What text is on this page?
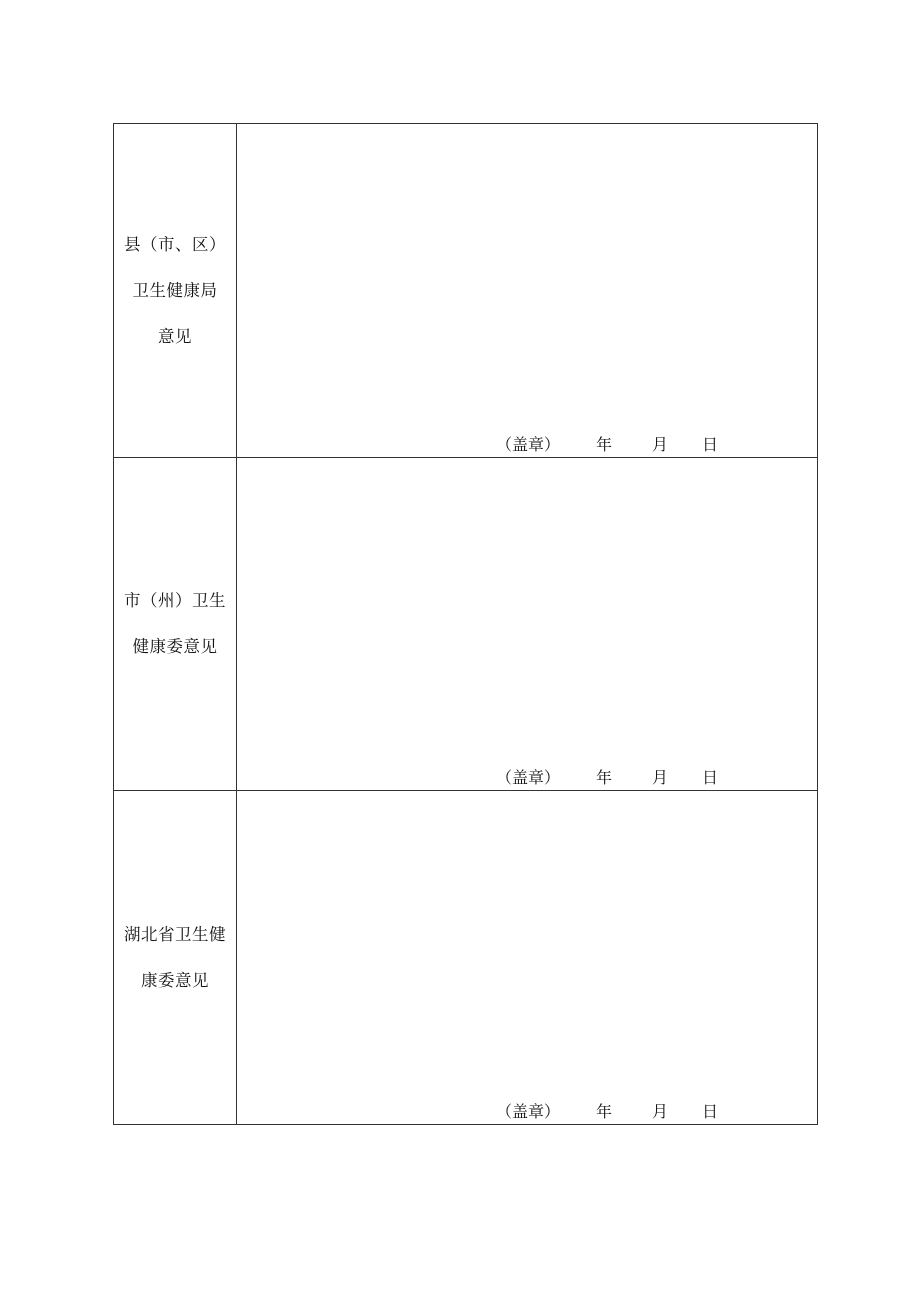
县（市、区）
卫生健康局
意见	（盖章） 年 月 日

市（州）卫生
健康委意见	（盖章） 年 月 日

湖北省卫生健
康委意见	（盖章） 年 月 日
